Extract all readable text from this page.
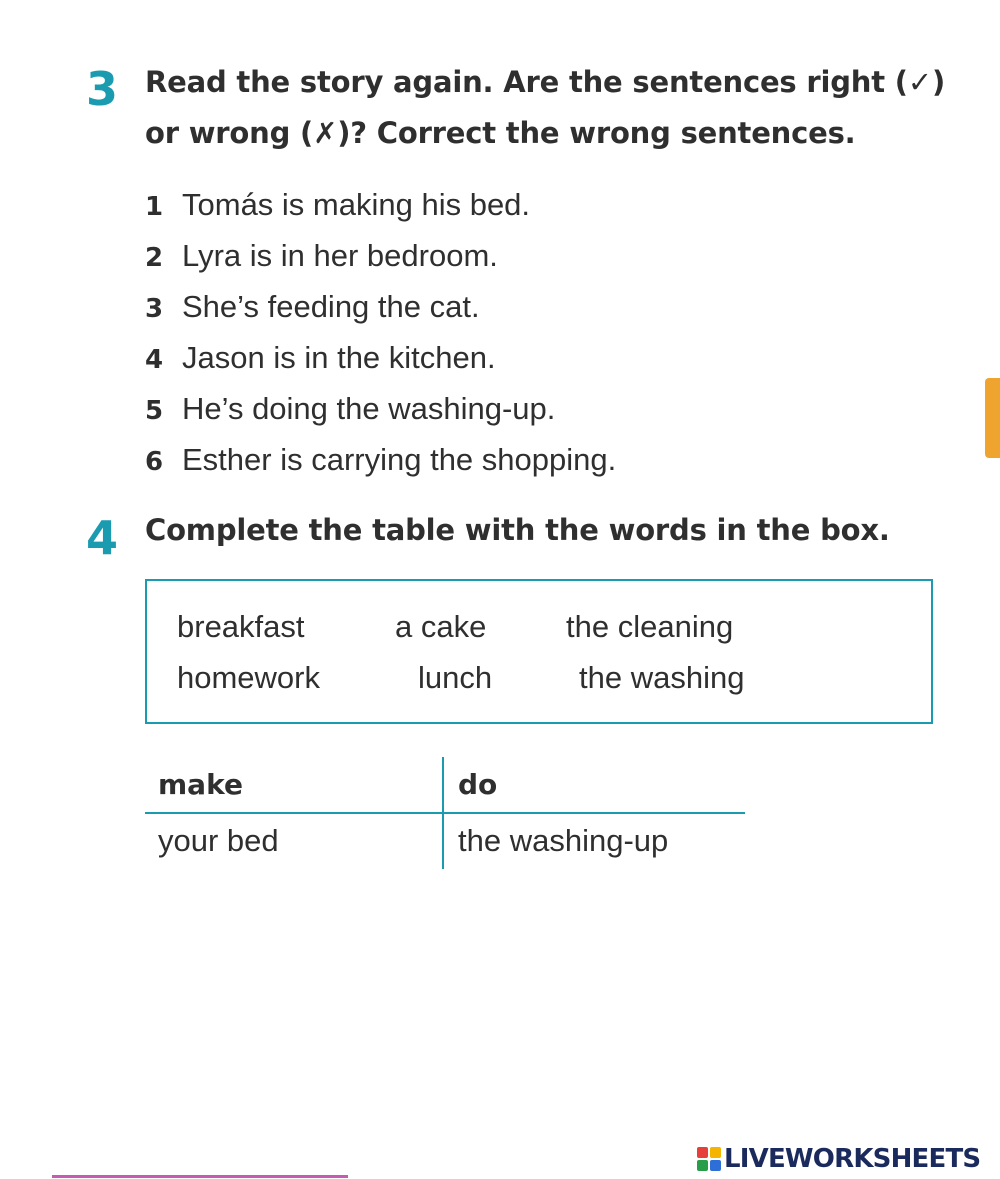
3 Read the story again. Are the sentences right (✓)
or wrong (✗)? Correct the wrong sentences.
1 Tomás is making his bed.
2 Lyra is in her bedroom.
3 She’s feeding the cat.
4 Jason is in the kitchen.
5 He’s doing the washing-up.
6 Esther is carrying the shopping.
4 Complete the table with the words in the box.
breakfast	a cake	the cleaning
homework	lunch	the washing
make	do
your bed	the washing-up
LIVEWORKSHEETS
